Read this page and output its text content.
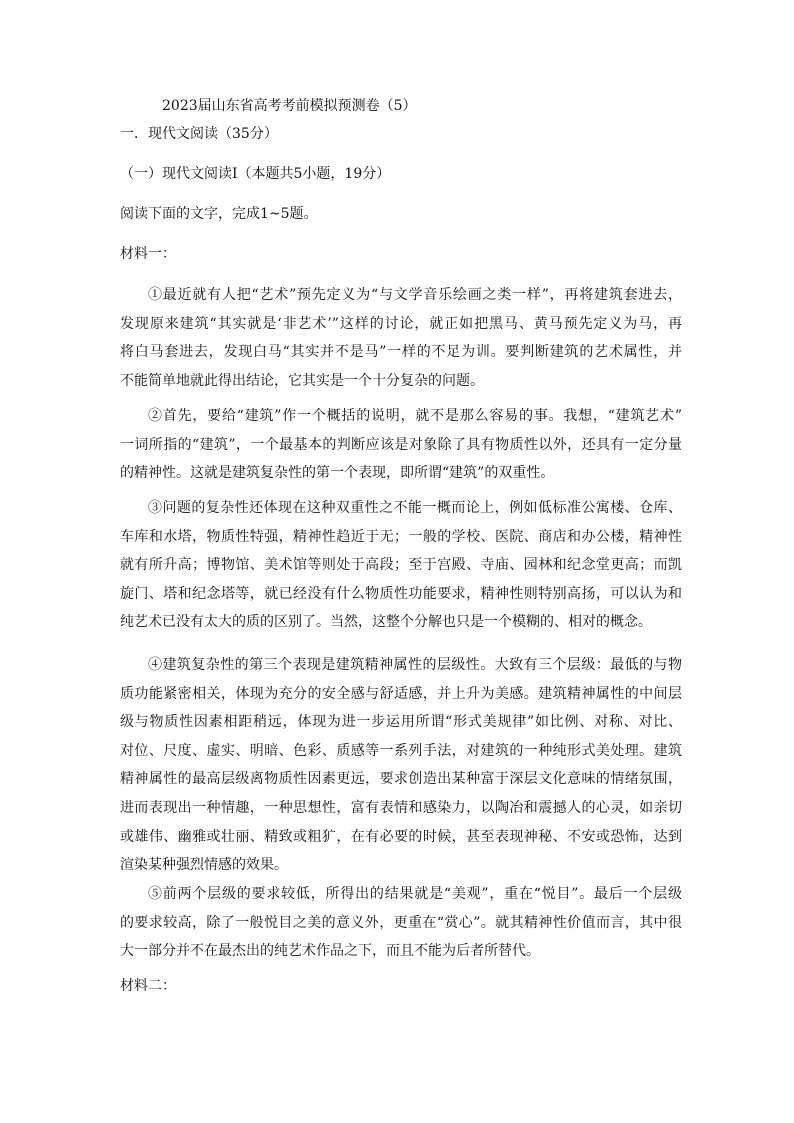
2023届山东省高考考前模拟预测卷（5）
一．现代文阅读（35分）
（一）现代文阅读Ⅰ（本题共5小题，19分）
阅读下面的文字，完成1~5题。
材料一：
①最近就有人把“艺术”预先定义为“与文学音乐绘画之类一样”，再将建筑套进去，
发现原来建筑“其实就是‘非艺术’”这样的讨论，就正如把黑马、黄马预先定义为马，再
将白马套进去，发现白马“其实并不是马”一样的不足为训。要判断建筑的艺术属性，并
不能简单地就此得出结论，它其实是一个十分复杂的问题。
②首先，要给“建筑”作一个概括的说明，就不是那么容易的事。我想，“建筑艺术”
一词所指的“建筑”，一个最基本的判断应该是对象除了具有物质性以外，还具有一定分量
的精神性。这就是建筑复杂性的第一个表现，即所谓“建筑”的双重性。
③问题的复杂性还体现在这种双重性之不能一概而论上，例如低标准公寓楼、仓库、
车库和水塔，物质性特强，精神性趋近于无；一般的学校、医院、商店和办公楼，精神性
就有所升高；博物馆、美术馆等则处于高段；至于宫殿、寺庙、园林和纪念堂更高；而凯
旋门、塔和纪念塔等，就已经没有什么物质性功能要求，精神性则特别高扬，可以认为和
纯艺术已没有太大的质的区别了。当然，这整个分解也只是一个模糊的、相对的概念。
④建筑复杂性的第三个表现是建筑精神属性的层级性。大致有三个层级：最低的与物
质功能紧密相关，体现为充分的安全感与舒适感，并上升为美感。建筑精神属性的中间层
级与物质性因素相距稍远，体现为进一步运用所谓“形式美规律”如比例、对称、对比、
对位、尺度、虚实、明暗、色彩、质感等一系列手法，对建筑的一种纯形式美处理。建筑
精神属性的最高层级离物质性因素更远，要求创造出某种富于深层文化意味的情绪氛围，
进而表现出一种情趣，一种思想性，富有表情和感染力，以陶冶和震撼人的心灵，如亲切
或雄伟、幽雅或壮丽、精致或粗犷，在有必要的时候，甚至表现神秘、不安或恐怖，达到
渲染某种强烈情感的效果。
⑤前两个层级的要求较低，所得出的结果就是“美观”，重在“悦目”。最后一个层级
的要求较高，除了一般悦目之美的意义外，更重在“赏心”。就其精神性价值而言，其中很
大一部分并不在最杰出的纯艺术作品之下，而且不能为后者所替代。
材料二：
